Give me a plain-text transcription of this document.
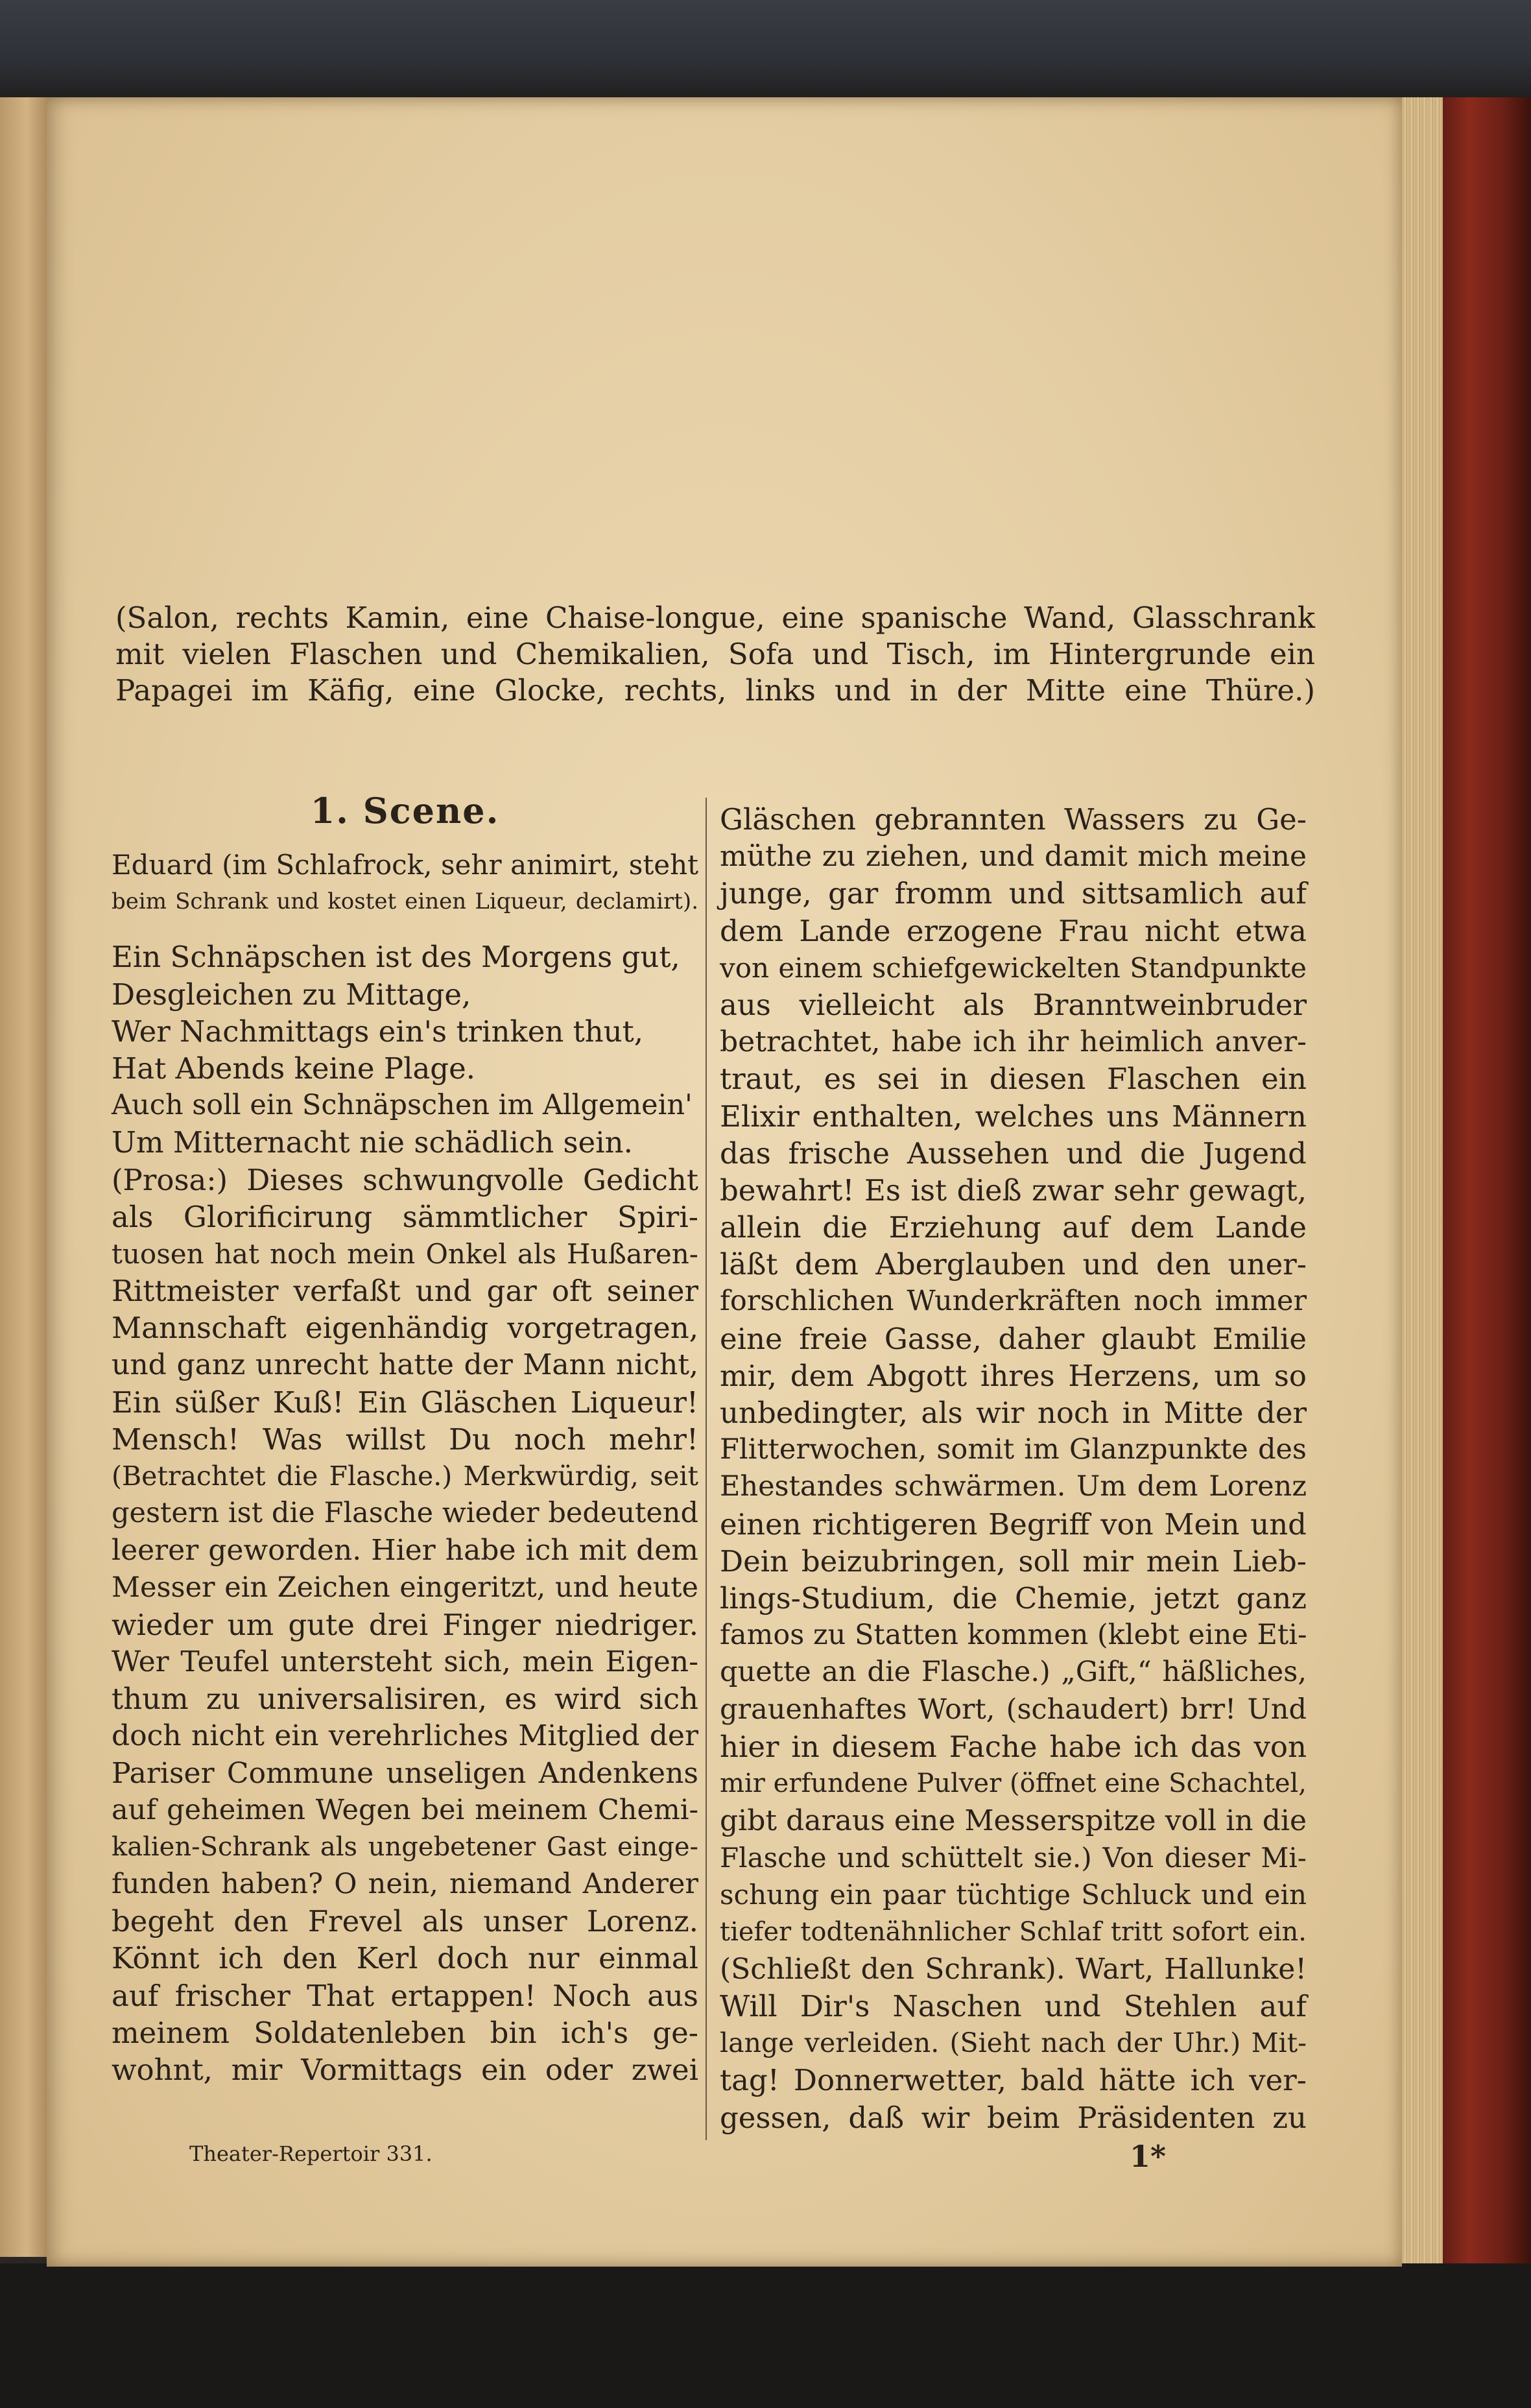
(Salon, rechts Kamin, eine Chaise-longue, eine spanische Wand, Glasschrank
mit vielen Flaschen und Chemikalien, Sofa und Tisch, im Hintergrunde ein
Papagei im Käfig, eine Glocke, rechts, links und in der Mitte eine Thüre.)
1. Scene.
Eduard (im Schlafrock, sehr animirt, steht
beim Schrank und kostet einen Liqueur, declamirt).
Ein Schnäpschen ist des Morgens gut,
Desgleichen zu Mittage,
Wer Nachmittags ein's trinken thut,
Hat Abends keine Plage.
Auch soll ein Schnäpschen im Allgemein'
Um Mitternacht nie schädlich sein.
(Prosa:) Dieses schwungvolle Gedicht
als Glorificirung sämmtlicher Spiri-
tuosen hat noch mein Onkel als Hußaren-
Rittmeister verfaßt und gar oft seiner
Mannschaft eigenhändig vorgetragen,
und ganz unrecht hatte der Mann nicht,
Ein süßer Kuß! Ein Gläschen Liqueur!
Mensch! Was willst Du noch mehr!
(Betrachtet die Flasche.) Merkwürdig, seit
gestern ist die Flasche wieder bedeutend
leerer geworden. Hier habe ich mit dem
Messer ein Zeichen eingeritzt, und heute
wieder um gute drei Finger niedriger.
Wer Teufel untersteht sich, mein Eigen-
thum zu universalisiren, es wird sich
doch nicht ein verehrliches Mitglied der
Pariser Commune unseligen Andenkens
auf geheimen Wegen bei meinem Chemi-
kalien-Schrank als ungebetener Gast einge-
funden haben? O nein, niemand Anderer
begeht den Frevel als unser Lorenz.
Könnt ich den Kerl doch nur einmal
auf frischer That ertappen! Noch aus
meinem Soldatenleben bin ich's ge-
wohnt, mir Vormittags ein oder zwei
Gläschen gebrannten Wassers zu Ge-
müthe zu ziehen, und damit mich meine
junge, gar fromm und sittsamlich auf
dem Lande erzogene Frau nicht etwa
von einem schiefgewickelten Standpunkte
aus vielleicht als Branntweinbruder
betrachtet, habe ich ihr heimlich anver-
traut, es sei in diesen Flaschen ein
Elixir enthalten, welches uns Männern
das frische Aussehen und die Jugend
bewahrt! Es ist dieß zwar sehr gewagt,
allein die Erziehung auf dem Lande
läßt dem Aberglauben und den uner-
forschlichen Wunderkräften noch immer
eine freie Gasse, daher glaubt Emilie
mir, dem Abgott ihres Herzens, um so
unbedingter, als wir noch in Mitte der
Flitterwochen, somit im Glanzpunkte des
Ehestandes schwärmen. Um dem Lorenz
einen richtigeren Begriff von Mein und
Dein beizubringen, soll mir mein Lieb-
lings-Studium, die Chemie, jetzt ganz
famos zu Statten kommen (klebt eine Eti-
quette an die Flasche.) „Gift,“ häßliches,
grauenhaftes Wort, (schaudert) brr! Und
hier in diesem Fache habe ich das von
mir erfundene Pulver (öffnet eine Schachtel,
gibt daraus eine Messerspitze voll in die
Flasche und schüttelt sie.) Von dieser Mi-
schung ein paar tüchtige Schluck und ein
tiefer todtenähnlicher Schlaf tritt sofort ein.
(Schließt den Schrank). Wart, Hallunke!
Will Dir's Naschen und Stehlen auf
lange verleiden. (Sieht nach der Uhr.) Mit-
tag! Donnerwetter, bald hätte ich ver-
gessen, daß wir beim Präsidenten zu
Theater-Repertoir 331.	1*
